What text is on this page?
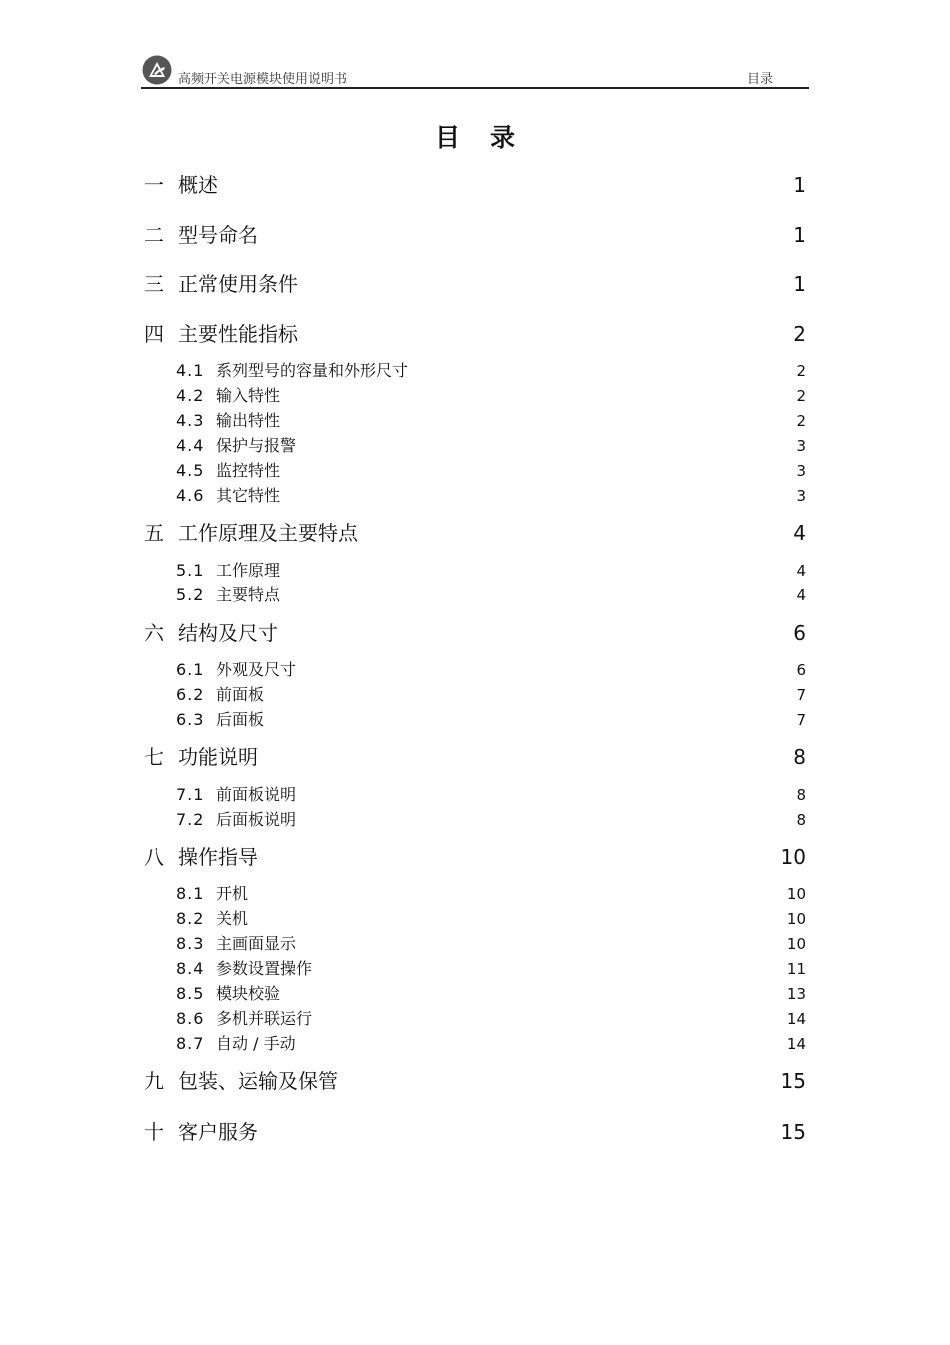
高频开关电源模块使用说明书	目录
目录
一 概述	1
二 型号命名	1
三 正常使用条件	1
四 主要性能指标	2
4.1 系列型号的容量和外形尺寸	2
4.2 输入特性	2
4.3 输出特性	2
4.4 保护与报警	3
4.5 监控特性	3
4.6 其它特性	3
五 工作原理及主要特点	4
5.1 工作原理	4
5.2 主要特点	4
六 结构及尺寸	6
6.1 外观及尺寸	6
6.2 前面板	7
6.3 后面板	7
七 功能说明	8
7.1 前面板说明	8
7.2 后面板说明	8
八 操作指导	10
8.1 开机	10
8.2 关机	10
8.3 主画面显示	10
8.4 参数设置操作	11
8.5 模块校验	13
8.6 多机并联运行	14
8.7 自动 / 手动	14
九 包装、运输及保管	15
十 客户服务	15
